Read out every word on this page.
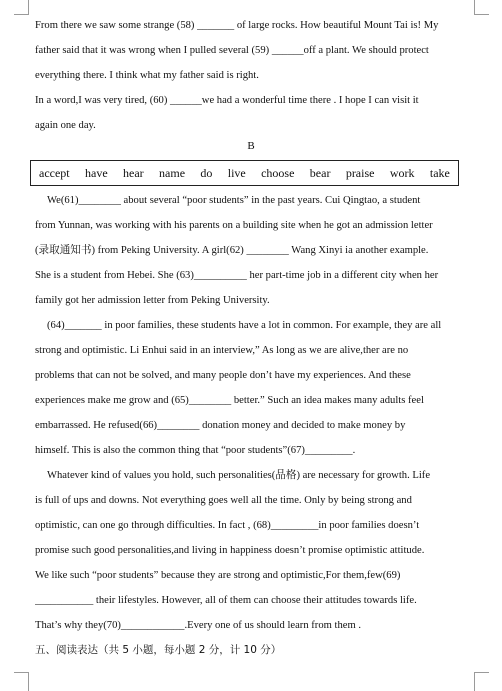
From there we saw some strange (58) _______ of large rocks. How beautiful Mount Tai is! My
father said that it was wrong when I pulled several (59) ______off a plant. We should protect
everything there. I think what my father said is right.
In a word,I was very tired, (60) ______we had a wonderful time there . I hope I can visit it
again one day.
B
accept have hear name do live choose bear praise work take
We(61)________ about several “poor students” in the past years. Cui Qingtao, a student
from Yunnan, was working with his parents on a building site when he got an admission letter
(录取通知书) from Peking University. A girl(62) ________ Wang Xinyi ia another example.
She is a student from Hebei. She (63)__________ her part-time job in a different city when her
family got her admission letter from Peking University.
(64)_______ in poor families, these students have a lot in common. For example, they are all
strong and optimistic. Li Enhui said in an interview,” As long as we are alive,ther are no
problems that can not be solved, and many people don’t have my experiences. And these
experiences make me grow and (65)________ better.” Such an idea makes many adults feel
embarrassed. He refused(66)________ donation money and decided to make money by
himself. This is also the common thing that “poor students”(67)_________.
Whatever kind of values you hold, such personalities(品格) are necessary for growth. Life
is full of ups and downs. Not everything goes well all the time. Only by being strong and
optimistic, can one go through difficulties. In fact , (68)_________in poor families doesn’t
promise such good personalities,and living in happiness doesn’t promise optimistic attitude.
We like such “poor students” because they are strong and optimistic,For them,few(69)
___________ their lifestyles. However, all of them can choose their attitudes towards life.
That’s why they(70)____________.Every one of us should learn from them .
五、阅读表达（共 5 小题，每小题 2 分，计 10 分）
